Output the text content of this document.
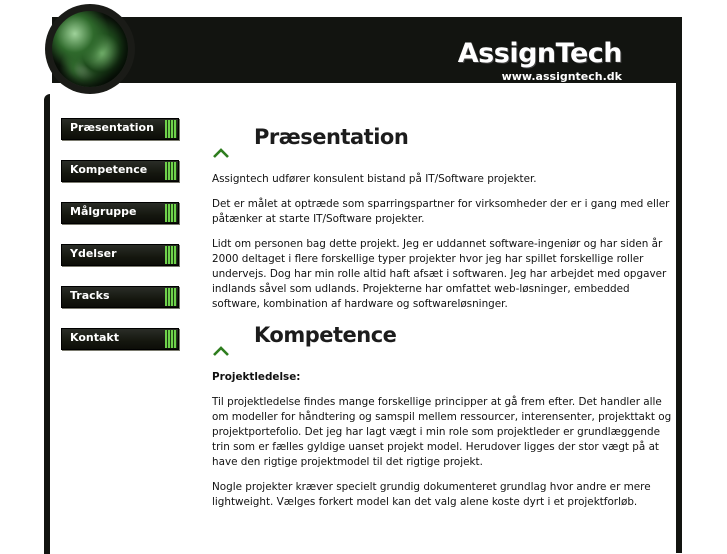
AssignTech
www.assigntech.dk
Præsentation
Kompetence
Målgruppe
Ydelser
Tracks
Kontakt
Præsentation

Assigntech udfører konsulent bistand på IT/Software projekter.

Det er målet at optræde som sparringspartner for virksomheder der er i gang med eller påtænker at starte IT/Software projekter.

Lidt om personen bag dette projekt. Jeg er uddannet software-ingeniør og har siden år 2000 deltaget i flere forskellige typer projekter hvor jeg har spillet forskellige roller undervejs. Dog har min rolle altid haft afsæt i softwaren. Jeg har arbejdet med opgaver indlands såvel som udlands. Projekterne har omfattet web-løsninger, embedded software, kombination af hardware og softwareløsninger.

Kompetence

Projektledelse:

Til projektledelse findes mange forskellige principper at gå frem efter. Det handler alle om modeller for håndtering og samspil mellem ressourcer, interensenter, projekttakt og projektportefolio. Det jeg har lagt vægt i min role som projektleder er grundlæggende trin som er fælles gyldige uanset projekt model. Herudover ligges der stor vægt på at have den rigtige projektmodel til det rigtige projekt.

Nogle projekter kræver specielt grundig dokumenteret grundlag hvor andre er mere lightweight. Vælges forkert model kan det valg alene koste dyrt i et projektforløb.
